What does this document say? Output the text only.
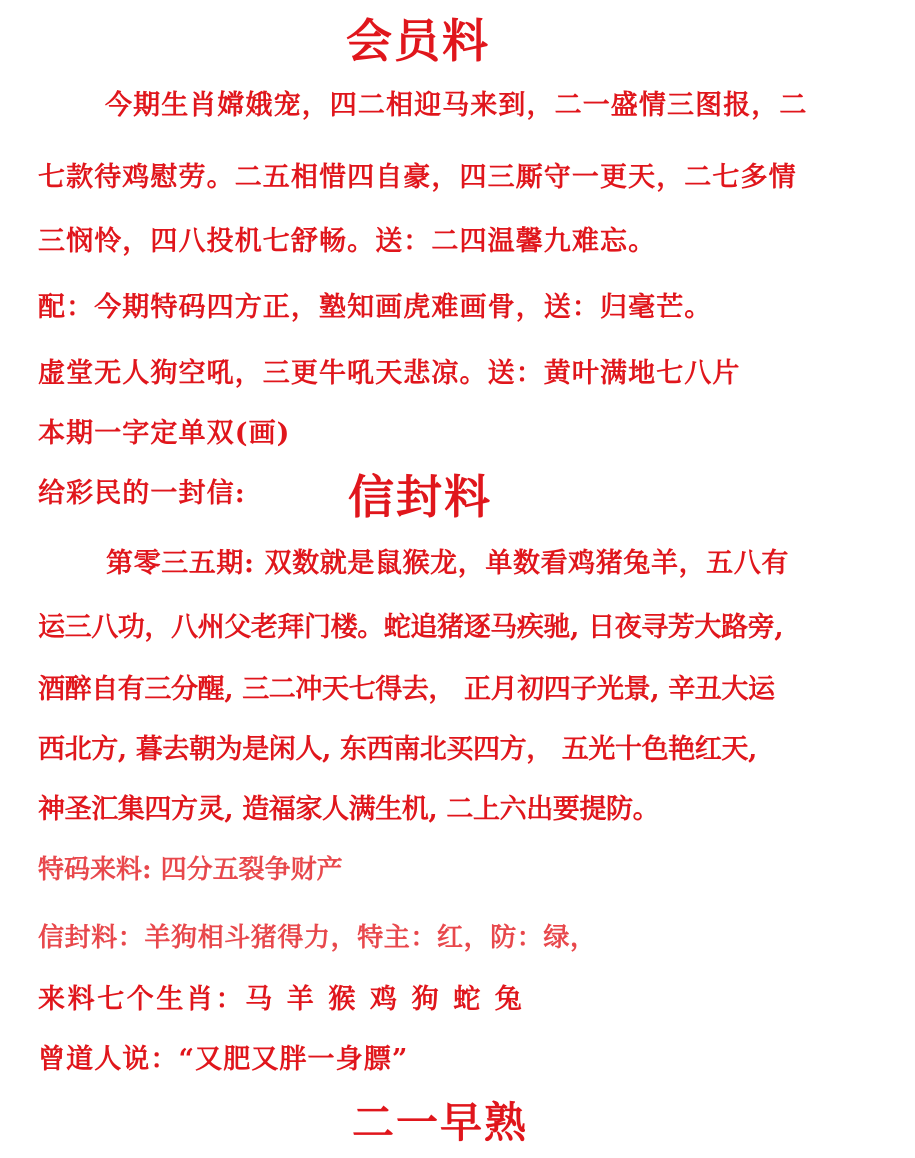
会员料
今期生肖嫦娥宠，四二相迎马来到，二一盛情三图报，二
七款待鸡慰劳。二五相惜四自豪，四三厮守一更天，二七多情
三悯怜，四八投机七舒畅。送：二四温馨九难忘。
配：今期特码四方正，塾知画虎难画骨，送：归毫芒。
虚堂无人狗空吼，三更牛吼天悲凉。送：黄叶满地七八片
本期一字定单双(画)
给彩民的一封信: 信封料
第零三五期: 双数就是鼠猴龙，单数看鸡猪兔羊，五八有
运三八功，八州父老拜门楼。蛇追猪逐马疾驰, 日夜寻芳大路旁,
酒醉自有三分醒, 三二冲天七得去， 正月初四子光景, 辛丑大运
西北方, 暮去朝为是闲人, 东西南北买四方， 五光十色艳红天,
神圣汇集四方灵, 造福家人满生机, 二上六出要提防。
特码来料: 四分五裂争财产
信封料：羊狗相斗猪得力，特主：红，防：绿，
来料七个生肖：马 羊 猴 鸡 狗 蛇 兔
曾道人说：“又肥又胖一身膘”
二一早熟
